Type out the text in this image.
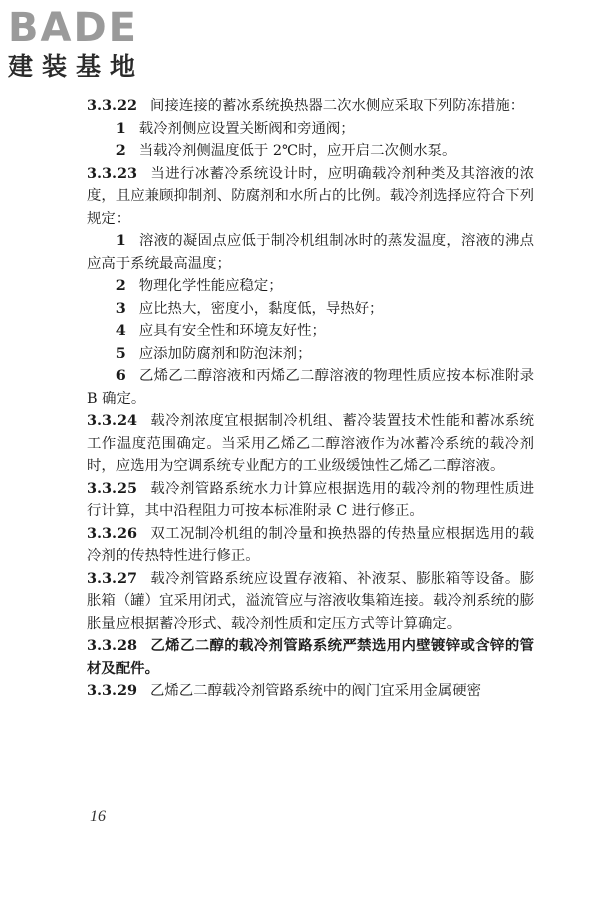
BADE
建装基地

3.3.22 间接连接的蓄冰系统换热器二次水侧应采取下列防冻措施：

1 载冷剂侧应设置关断阀和旁通阀；

2 当载冷剂侧温度低于 2℃时，应开启二次侧水泵。

3.3.23 当进行冰蓄冷系统设计时，应明确载冷剂种类及其溶液的浓度，且应兼顾抑制剂、防腐剂和水所占的比例。载冷剂选择应符合下列规定：

1 溶液的凝固点应低于制冷机组制冰时的蒸发温度，溶液的沸点应高于系统最高温度；

2 物理化学性能应稳定；

3 应比热大，密度小，黏度低，导热好；

4 应具有安全性和环境友好性；

5 应添加防腐剂和防泡沫剂；

6 乙烯乙二醇溶液和丙烯乙二醇溶液的物理性质应按本标准附录 B 确定。

3.3.24 载冷剂浓度宜根据制冷机组、蓄冷装置技术性能和蓄冰系统工作温度范围确定。当采用乙烯乙二醇溶液作为冰蓄冷系统的载冷剂时，应选用为空调系统专业配方的工业级缓蚀性乙烯乙二醇溶液。

3.3.25 载冷剂管路系统水力计算应根据选用的载冷剂的物理性质进行计算，其中沿程阻力可按本标准附录 C 进行修正。

3.3.26 双工况制冷机组的制冷量和换热器的传热量应根据选用的载冷剂的传热特性进行修正。

3.3.27 载冷剂管路系统应设置存液箱、补液泵、膨胀箱等设备。膨胀箱（罐）宜采用闭式，溢流管应与溶液收集箱连接。载冷剂系统的膨胀量应根据蓄冷形式、载冷剂性质和定压方式等计算确定。

3.3.28 乙烯乙二醇的载冷剂管路系统严禁选用内壁镀锌或含锌的管材及配件。

3.3.29 乙烯乙二醇载冷剂管路系统中的阀门宜采用金属硬密

16
